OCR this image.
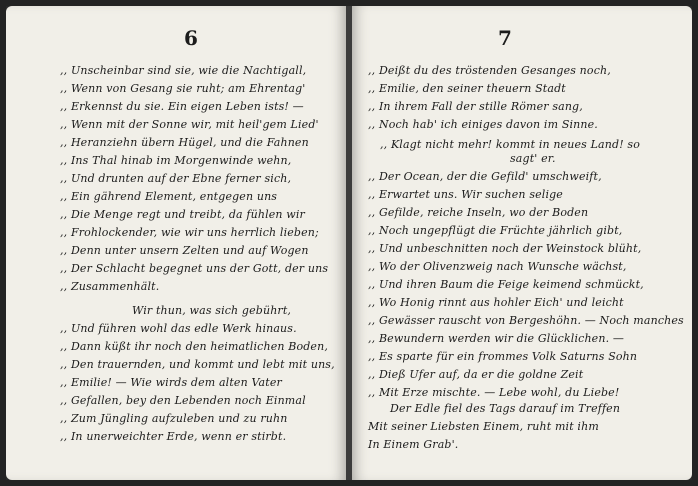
6
,, Unscheinbar sind sie, wie die Nachtigall,
,, Wenn von Gesang sie ruht; am Ehrentag'
,, Erkennst du sie. Ein eigen Leben ists! —
,, Wenn mit der Sonne wir, mit heil'gem Lied'
,, Heranziehn übern Hügel, und die Fahnen
,, Ins Thal hinab im Morgenwinde wehn,
,, Und drunten auf der Ebne ferner sich,
,, Ein gährend Element, entgegen uns
,, Die Menge regt und treibt, da fühlen wir
,, Frohlockender, wie wir uns herrlich lieben;
,, Denn unter unsern Zelten und auf Wogen
,, Der Schlacht begegnet uns der Gott, der uns
,, Zusammenhält.
Wir thun, was sich gebührt,
,, Und führen wohl das edle Werk hinaus.
,, Dann küßt ihr noch den heimatlichen Boden,
,, Den trauernden, und kommt und lebt mit uns,
,, Emilie! — Wie wirds dem alten Vater
,, Gefallen, bey den Lebenden noch Einmal
,, Zum Jüngling aufzuleben und zu ruhn
,, In unerweichter Erde, wenn er stirbt.
7
,, Deißt du des tröstenden Gesanges noch,
,, Emilie, den seiner theuern Stadt
,, In ihrem Fall der stille Römer sang,
,, Noch hab' ich einiges davon im Sinne.
,, Klagt nicht mehr! kommt in neues Land! so
sagt' er.
,, Der Ocean, der die Gefild' umschweift,
,, Erwartet uns. Wir suchen selige
,, Gefilde, reiche Inseln, wo der Boden
,, Noch ungepflügt die Früchte jährlich gibt,
,, Und unbeschnitten noch der Weinstock blüht,
,, Wo der Olivenzweig nach Wunsche wächst,
,, Und ihren Baum die Feige keimend schmückt,
,, Wo Honig rinnt aus hohler Eich' und leicht
,, Gewässer rauscht von Bergeshöhn. — Noch manches
,, Bewundern werden wir die Glücklichen. —
,, Es sparte für ein frommes Volk Saturns Sohn
,, Dieß Ufer auf, da er die goldne Zeit
,, Mit Erze mischte. — Lebe wohl, du Liebe!
Der Edle fiel des Tags darauf im Treffen
Mit seiner Liebsten Einem, ruht mit ihm
In Einem Grab'.
